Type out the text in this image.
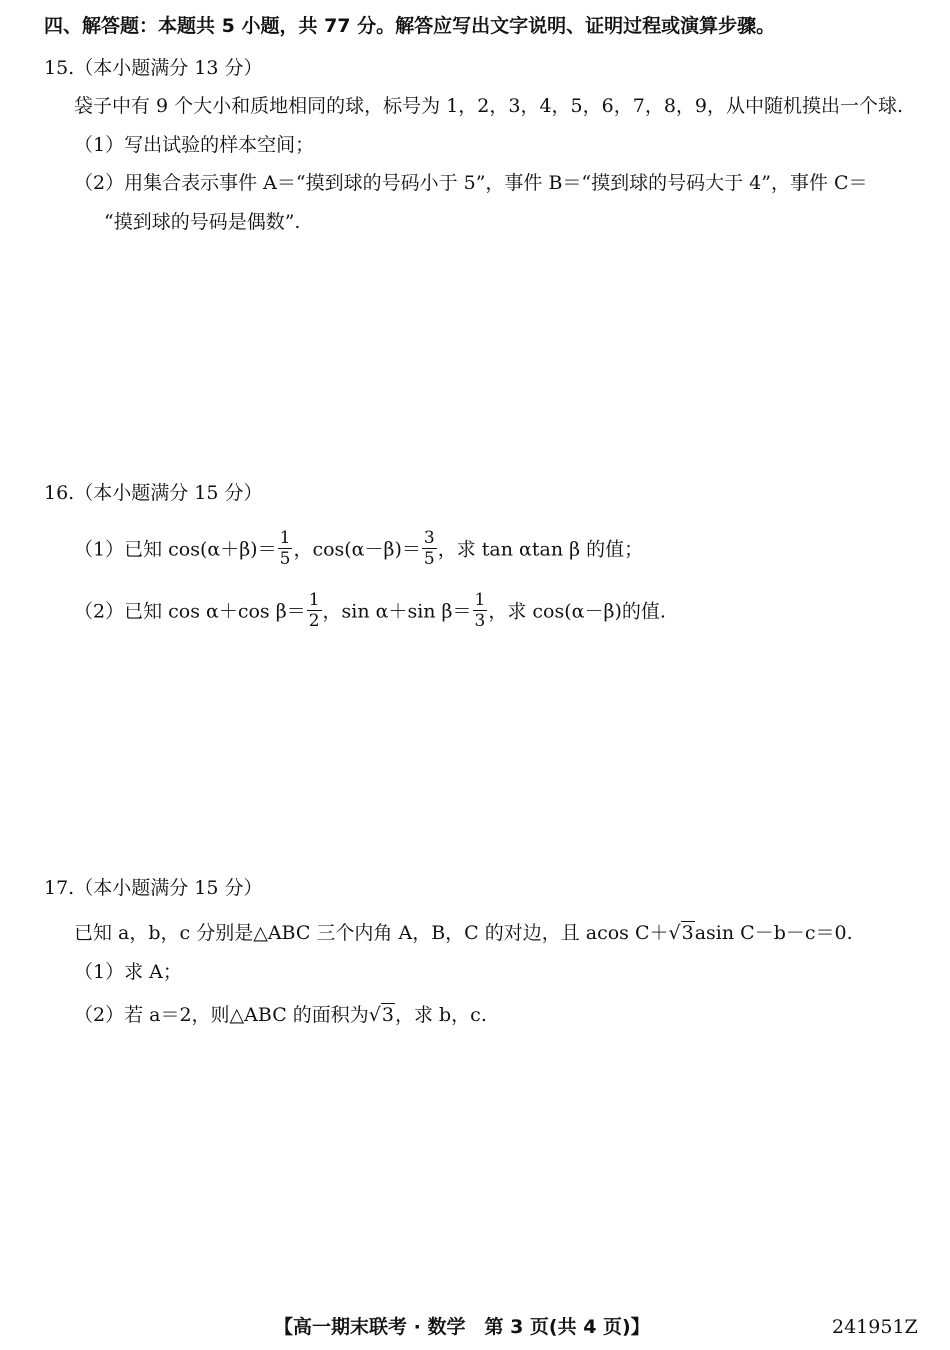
四、解答题：本题共 5 小题，共 77 分。解答应写出文字说明、证明过程或演算步骤。
15.（本小题满分 13 分）
袋子中有 9 个大小和质地相同的球，标号为 1，2，3，4，5，6，7，8，9，从中随机摸出一个球.
（1）写出试验的样本空间；
（2）用集合表示事件 A＝“摸到球的号码小于 5”，事件 B＝“摸到球的号码大于 4”，事件 C＝
“摸到球的号码是偶数”.
16.（本小题满分 15 分）
（1）已知 $\cos(\alpha+\beta)= \frac{1}{5}$ ，$\cos(\alpha-\beta)= \frac{3}{5}$ ，求 tan αtan β 的值；
（2）已知 cos α＋cos $\beta= \frac{1}{2}$ ，sin α＋sin $\beta= \frac{1}{3}$ ，求 cos(α－β)的值.
17.（本小题满分 15 分）
已知 a，b，c 分别是△ABC 三个内角 A，B，C 的对边，且 acos C＋√3asin C－b－c＝0.
（1）求 A；
（2）若 a＝2，则△ABC 的面积为√3，求 b，c.
【高一期末联考 · 数学　第 3 页(共 4 页)】	241951Z
